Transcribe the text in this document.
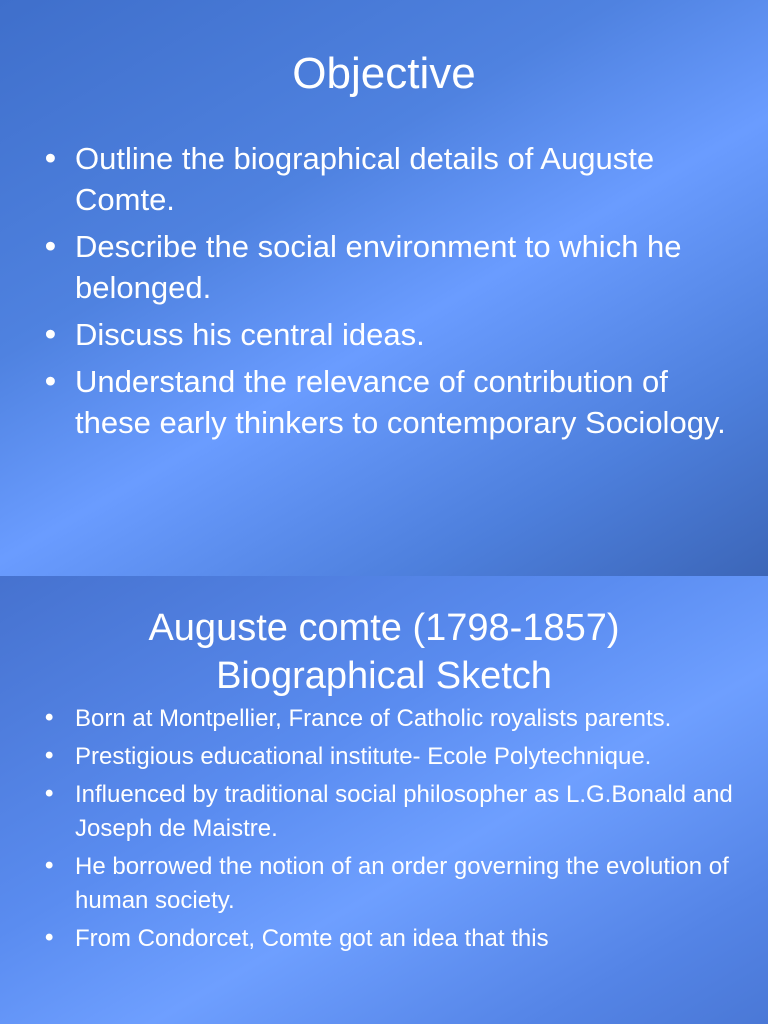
Objective
• Outline the biographical details of Auguste Comte.
• Describe the social environment to which he belonged.
• Discuss his central ideas.
• Understand the relevance of contribution of these early thinkers to contemporary Sociology.
Auguste comte (1798-1857)
Biographical Sketch
• Born at Montpellier, France of Catholic royalists parents.
• Prestigious educational institute- Ecole Polytechnique.
• Influenced by traditional social philosopher as L.G.Bonald and Joseph de Maistre.
• He borrowed the notion of an order governing the evolution of human society.
• From Condorcet, Comte got an idea that this
